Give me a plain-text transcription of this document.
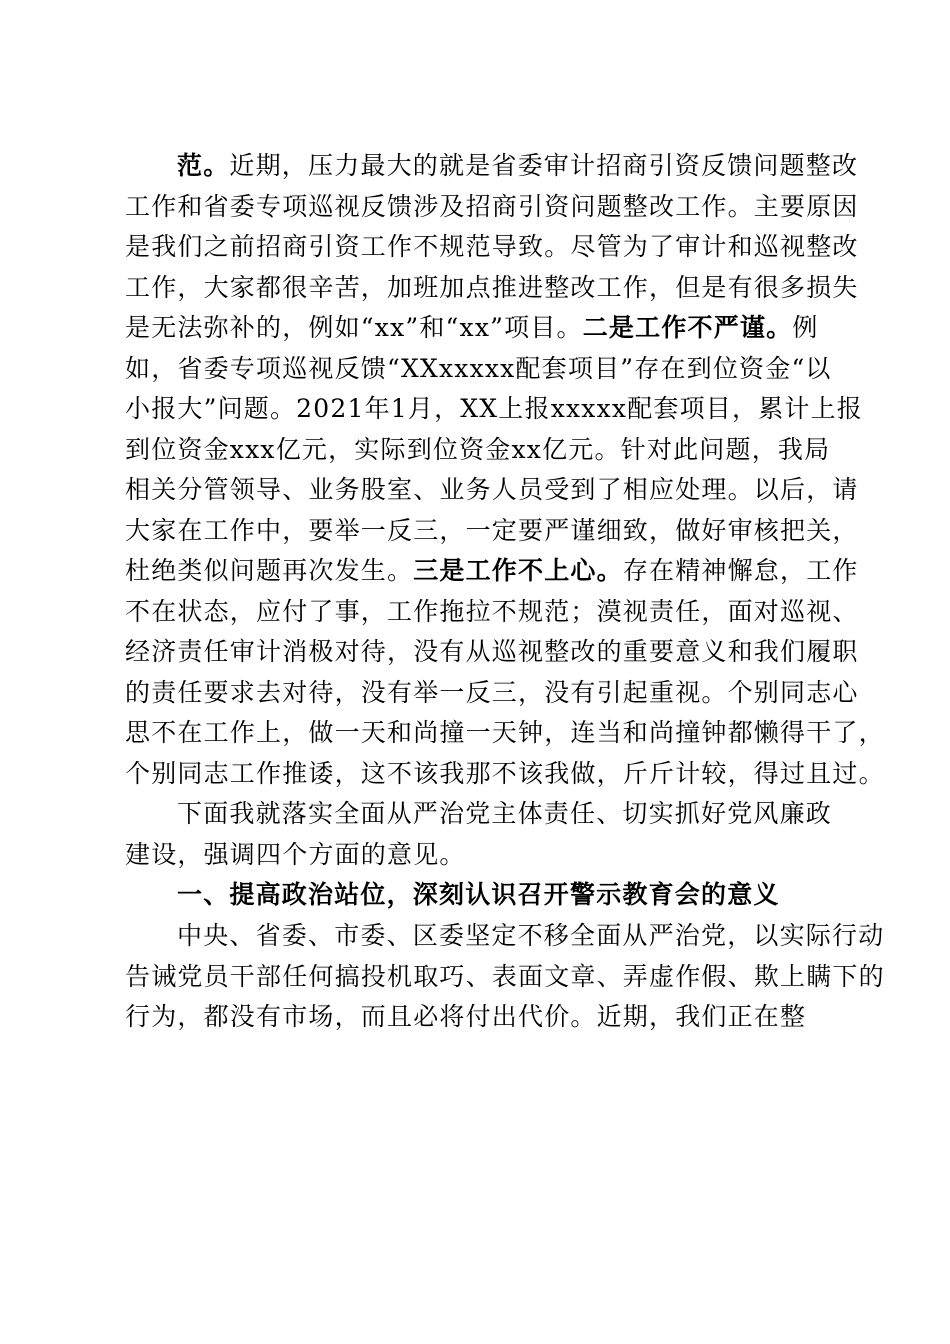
范。近期，压力最大的就是省委审计招商引资反馈问题整改
工作和省委专项巡视反馈涉及招商引资问题整改工作。主要原因
是我们之前招商引资工作不规范导致。尽管为了审计和巡视整改
工作，大家都很辛苦，加班加点推进整改工作，但是有很多损失
是无法弥补的，例如“xx”和“xx”项目。二是工作不严谨。例
如，省委专项巡视反馈“XXxxxxx配套项目”存在到位资金“以
小报大”问题。2021年1月，XX上报xxxxx配套项目，累计上报
到位资金xxx亿元，实际到位资金xx亿元。针对此问题，我局
相关分管领导、业务股室、业务人员受到了相应处理。以后，请
大家在工作中，要举一反三，一定要严谨细致，做好审核把关，
杜绝类似问题再次发生。三是工作不上心。存在精神懈怠，工作
不在状态，应付了事，工作拖拉不规范；漠视责任，面对巡视、
经济责任审计消极对待，没有从巡视整改的重要意义和我们履职
的责任要求去对待，没有举一反三，没有引起重视。个别同志心
思不在工作上，做一天和尚撞一天钟，连当和尚撞钟都懒得干了，
个别同志工作推诿，这不该我那不该我做，斤斤计较，得过且过。
下面我就落实全面从严治党主体责任、切实抓好党风廉政
建设，强调四个方面的意见。
一、提高政治站位，深刻认识召开警示教育会的意义
中央、省委、市委、区委坚定不移全面从严治党，以实际行动
告诫党员干部任何搞投机取巧、表面文章、弄虚作假、欺上瞒下的
行为，都没有市场，而且必将付出代价。近期，我们正在整
